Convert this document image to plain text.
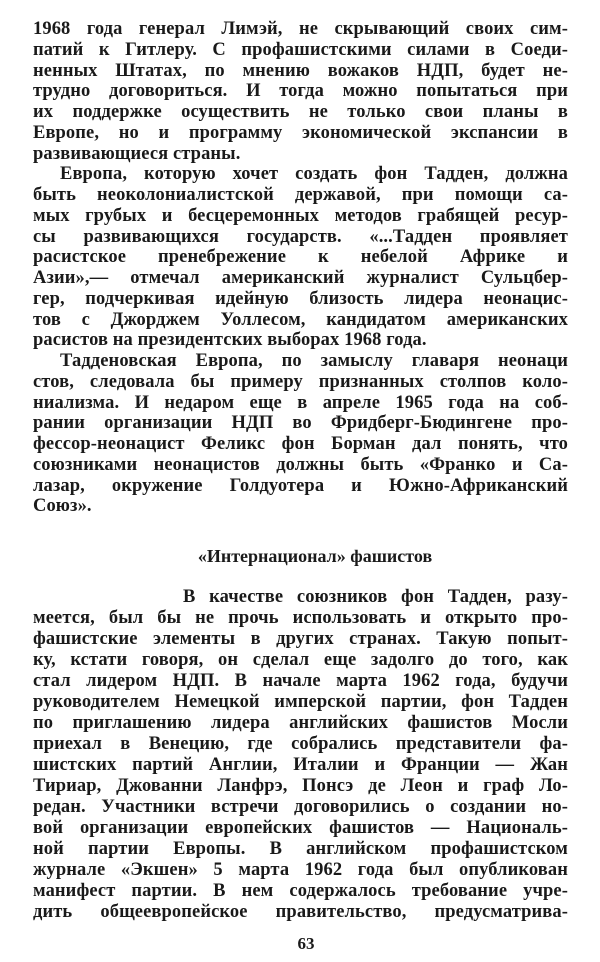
1968 года генерал Лимэй, не скрывающий своих сим-
патий к Гитлеру. С профашистскими силами в Соеди-
ненных Штатах, по мнению вожаков НДП, будет не-
трудно договориться. И тогда можно попытаться при
их поддержке осуществить не только свои планы в
Европе, но и программу экономической экспансии в
развивающиеся страны.
Европа, которую хочет создать фон Тадден, должна
быть неоколониалистской державой, при помощи са-
мых грубых и бесцеремонных методов грабящей ресур-
сы развивающихся государств. «...Тадден проявляет
расистское пренебрежение к небелой Африке и
Азии»,— отмечал американский журналист Сульцбер-
гер, подчеркивая идейную близость лидера неонацис-
тов с Джорджем Уоллесом, кандидатом американских
расистов на президентских выборах 1968 года.
Тадденовская Европа, по замыслу главаря неонаци
стов, следовала бы примеру признанных столпов коло-
ниализма. И недаром еще в апреле 1965 года на соб-
рании организации НДП во Фридберг-Бюдингене про-
фессор-неонацист Феликс фон Борман дал понять, что
союзниками неонацистов должны быть «Франко и Са-
лазар, окружение Голдуотера и Южно-Африканский
Союз».
«Интернационал» фашистов
В качестве союзников фон Тадден, разу-
меется, был бы не прочь использовать и открыто про-
фашистские элементы в других странах. Такую попыт-
ку, кстати говоря, он сделал еще задолго до того, как
стал лидером НДП. В начале марта 1962 года, будучи
руководителем Немецкой имперской партии, фон Тадден
по приглашению лидера английских фашистов Мосли
приехал в Венецию, где собрались представители фа-
шистских партий Англии, Италии и Франции — Жан
Тириар, Джованни Ланфрэ, Понсэ де Леон и граф Ло-
редан. Участники встречи договорились о создании но-
вой организации европейских фашистов — Националь-
ной партии Европы. В английском профашистском
журнале «Экшен» 5 марта 1962 года был опубликован
манифест партии. В нем содержалось требование учре-
дить общеевропейское правительство, предусматрива-
63
